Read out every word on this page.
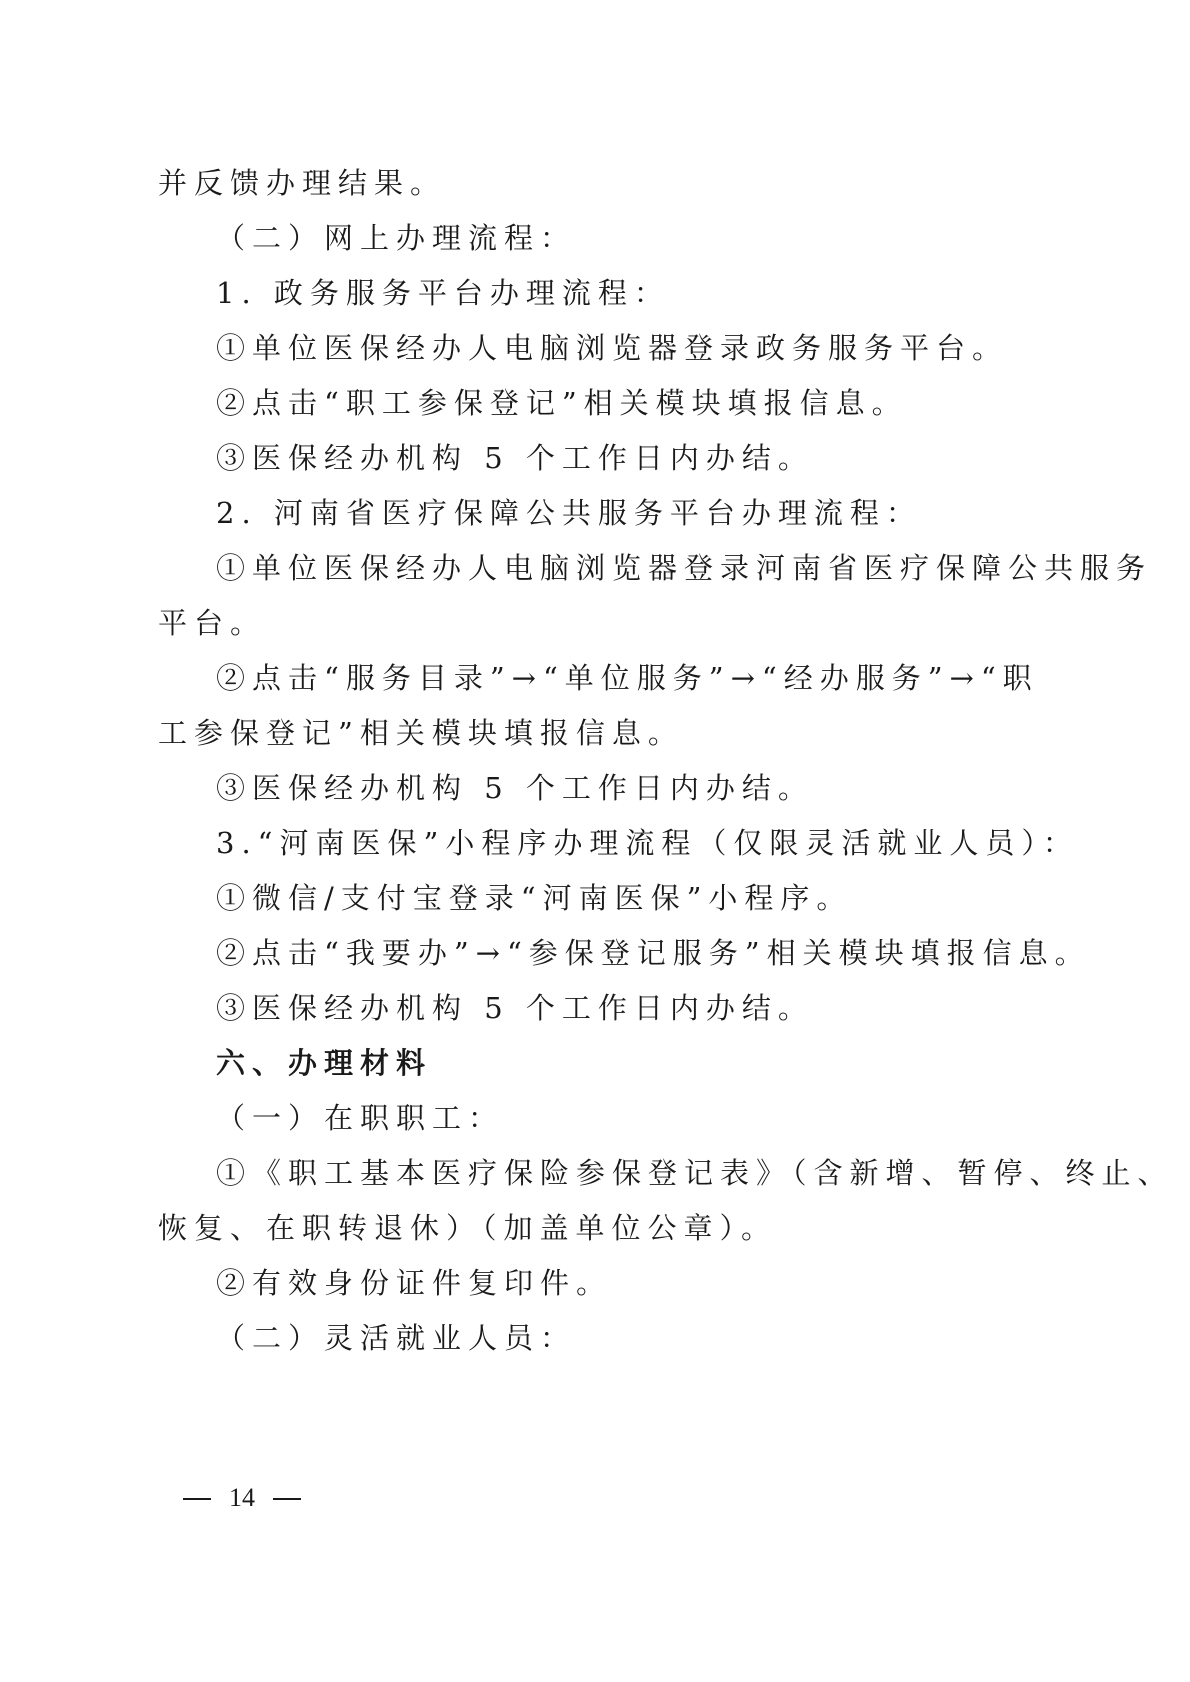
并反馈办理结果。
（二）网上办理流程：
1. 政务服务平台办理流程：
①单位医保经办人电脑浏览器登录政务服务平台。
②点击“职工参保登记”相关模块填报信息。
③医保经办机构 5 个工作日内办结。
2. 河南省医疗保障公共服务平台办理流程：
①单位医保经办人电脑浏览器登录河南省医疗保障公共服务
平台。
②点击“服务目录”→“单位服务”→“经办服务”→“职
工参保登记”相关模块填报信息。
③医保经办机构 5 个工作日内办结。
3.“河南医保”小程序办理流程（仅限灵活就业人员）：
①微信/支付宝登录“河南医保”小程序。
②点击“我要办”→“参保登记服务”相关模块填报信息。
③医保经办机构 5 个工作日内办结。
六、办理材料
（一）在职职工：
①《职工基本医疗保险参保登记表》（含新增、暂停、终止、
恢复、在职转退休）（加盖单位公章）。
②有效身份证件复印件。
（二）灵活就业人员：
14
